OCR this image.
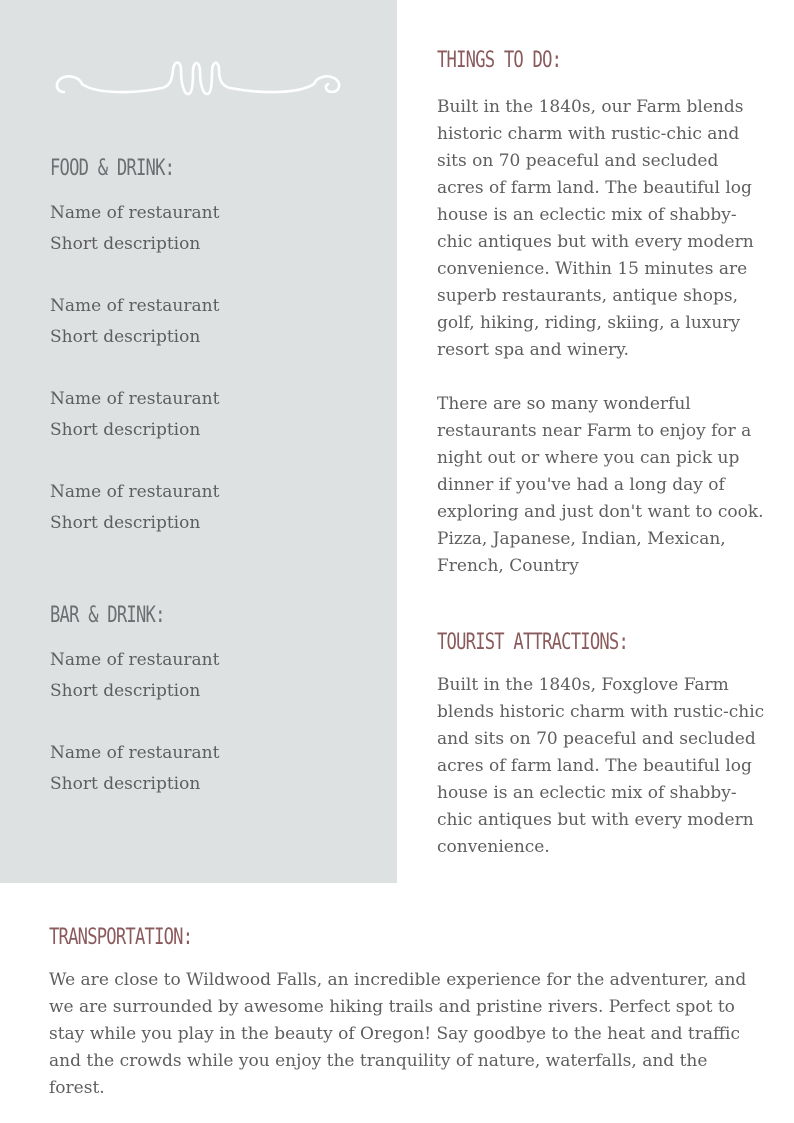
FOOD & DRINK:
Name of restaurant
Short description
Name of restaurant
Short description
Name of restaurant
Short description
Name of restaurant
Short description
BAR & DRINK:
Name of restaurant
Short description
Name of restaurant
Short description
THINGS TO DO:

Built in the 1840s, our Farm blends historic charm with rustic-chic and sits on 70 peaceful and secluded acres of farm land. The beautiful log house is an eclectic mix of shabby-chic antiques but with every modern convenience. Within 15 minutes are superb restaurants, antique shops, golf, hiking, riding, skiing, a luxury resort spa and winery.

There are so many wonderful restaurants near Farm to enjoy for a night out or where you can pick up dinner if you've had a long day of exploring and just don't want to cook. Pizza, Japanese, Indian, Mexican, French, Country

TOURIST ATTRACTIONS:

Built in the 1840s, Foxglove Farm blends historic charm with rustic-chic and sits on 70 peaceful and secluded acres of farm land. The beautiful log house is an eclectic mix of shabby-chic antiques but with every modern convenience.

TRANSPORTATION:

We are close to Wildwood Falls, an incredible experience for the adventurer, and we are surrounded by awesome hiking trails and pristine rivers. Perfect spot to stay while you play in the beauty of Oregon! Say goodbye to the heat and traffic and the crowds while you enjoy the tranquility of nature, waterfalls, and the forest.
